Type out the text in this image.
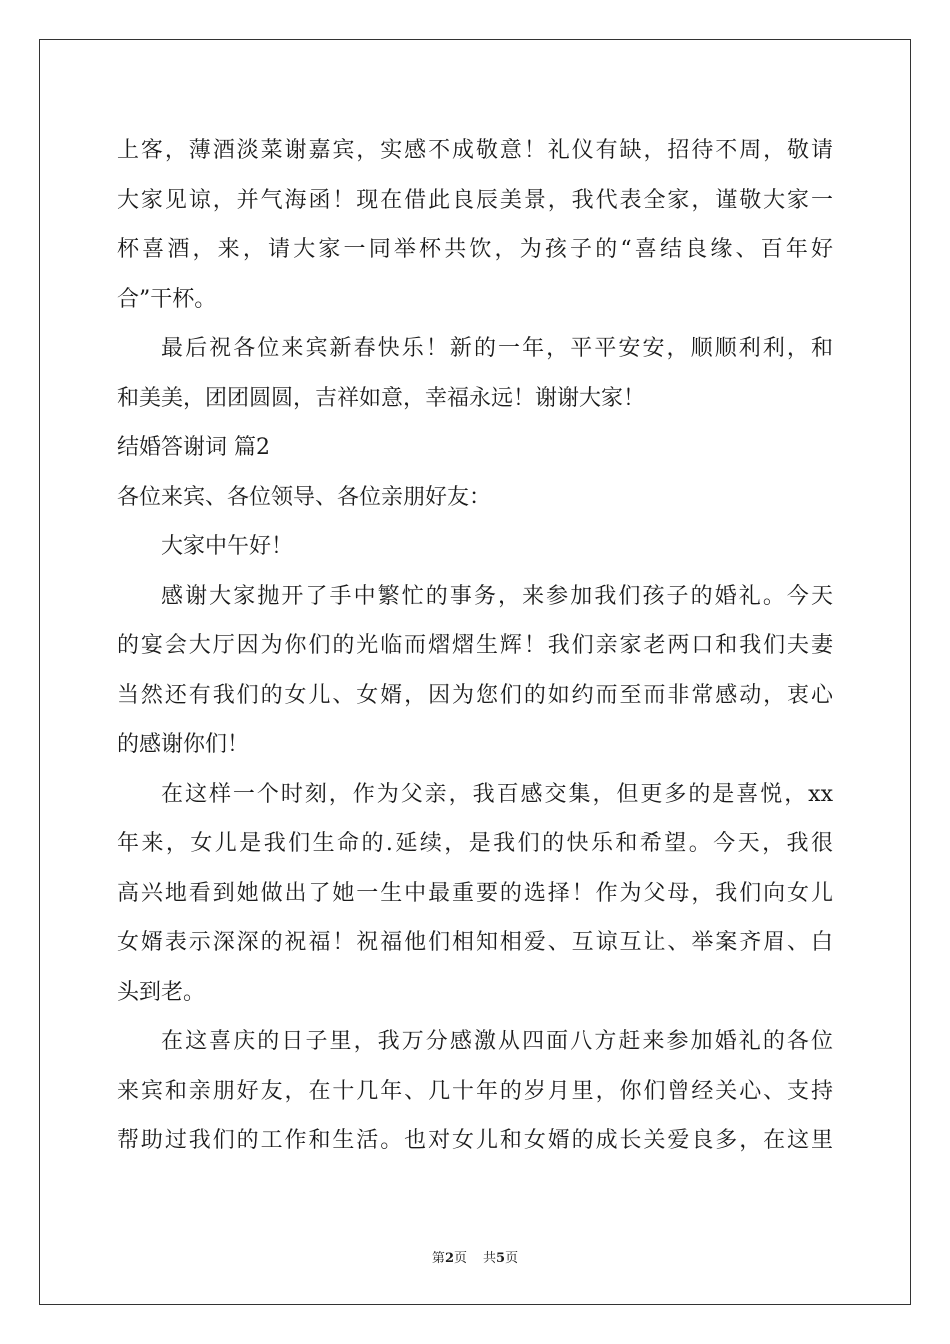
上客，薄酒淡菜谢嘉宾，实感不成敬意！礼仪有缺，招待不周，敬请

大家见谅，并气海函！现在借此良辰美景，我代表全家，谨敬大家一

杯喜酒，来，请大家一同举杯共饮，为孩子的“喜结良缘、百年好

合”干杯。

最后祝各位来宾新春快乐！新的一年，平平安安，顺顺利利，和

和美美，团团圆圆，吉祥如意，幸福永远！谢谢大家！

结婚答谢词 篇2

各位来宾、各位领导、各位亲朋好友：

大家中午好！

感谢大家抛开了手中繁忙的事务，来参加我们孩子的婚礼。今天

的宴会大厅因为你们的光临而熠熠生辉！我们亲家老两口和我们夫妻

当然还有我们的女儿、女婿，因为您们的如约而至而非常感动，衷心

的感谢你们！

在这样一个时刻，作为父亲，我百感交集，但更多的是喜悦，xx

年来，女儿是我们生命的.延续，是我们的快乐和希望。今天，我很

高兴地看到她做出了她一生中最重要的选择！作为父母，我们向女儿

女婿表示深深的祝福！祝福他们相知相爱、互谅互让、举案齐眉、白

头到老。

在这喜庆的日子里，我万分感激从四面八方赶来参加婚礼的各位

来宾和亲朋好友，在十几年、几十年的岁月里，你们曾经关心、支持

帮助过我们的工作和生活。也对女儿和女婿的成长关爱良多，在这里

第2页 共5页
